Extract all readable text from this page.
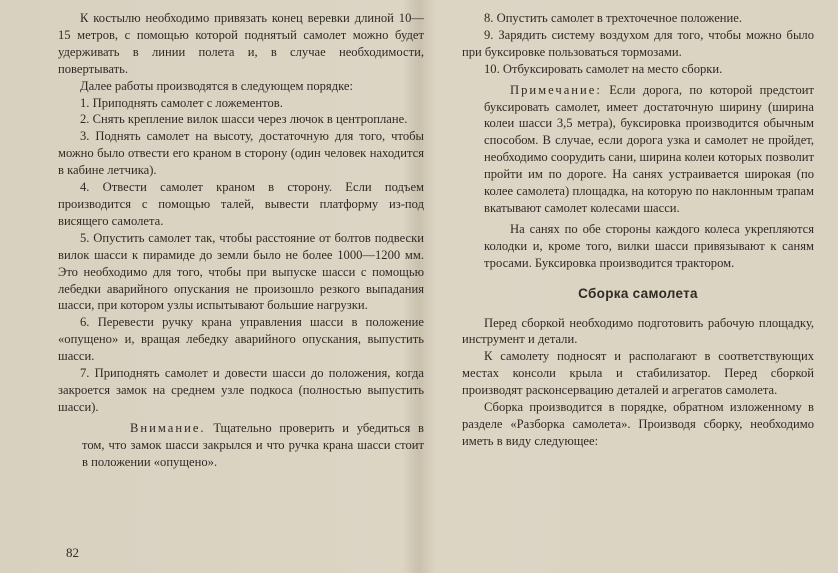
К костылю необходимо привязать конец веревки длиной 10—15 метров, с помощью которой поднятый самолет можно будет удерживать в линии полета и, в случае необходимости, повертывать.

Далее работы производятся в следующем порядке:

1. Приподнять самолет с ложементов.

2. Снять крепление вилок шасси через лючок в центроплане.

3. Поднять самолет на высоту, достаточную для того, чтобы можно было отвести его краном в сторону (один человек находится в кабине летчика).

4. Отвести самолет краном в сторону. Если подъем производится с помощью талей, вывести платформу из-под висящего самолета.

5. Опустить самолет так, чтобы расстояние от болтов подвески вилок шасси к пирамиде до земли было не более 1000—1200 мм. Это необходимо для того, чтобы при выпуске шасси с помощью лебедки аварийного опускания не произошло резкого выпадания шасси, при котором узлы испытывают большие нагрузки.

6. Перевести ручку крана управления шасси в положение «опущено» и, вращая лебедку аварийного опускания, выпустить шасси.

7. Приподнять самолет и довести шасси до положения, когда закроется замок на среднем узле подкоса (полностью выпустить шасси).

Внимание. Тщательно проверить и убедиться в том, что замок шасси закрылся и что ручка крана шасси стоит в положении «опущено».

8. Опустить самолет в трехточечное положение.

9. Зарядить систему воздухом для того, чтобы можно было при буксировке пользоваться тормозами.

10. Отбуксировать самолет на место сборки.

Примечание: Если дорога, по которой предстоит буксировать самолет, имеет достаточную ширину (ширина колеи шасси 3,5 метра), буксировка производится обычным способом. В случае, если дорога узка и самолет не пройдет, необходимо соорудить сани, ширина колеи которых позволит пройти им по дороге. На санях устраивается широкая (по колее самолета) площадка, на которую по наклонным трапам вкатывают самолет колесами шасси.

На санях по обе стороны каждого колеса укрепляются колодки и, кроме того, вилки шасси привязывают к саням тросами. Буксировка производится трактором.

Сборка самолета

Перед сборкой необходимо подготовить рабочую площадку, инструмент и детали.

К самолету подносят и располагают в соответствующих местах консоли крыла и стабилизатор. Перед сборкой производят расконсервацию деталей и агрегатов самолета.

Сборка производится в порядке, обратном изложенному в разделе «Разборка самолета». Производя сборку, необходимо иметь в виду следующее:

82
